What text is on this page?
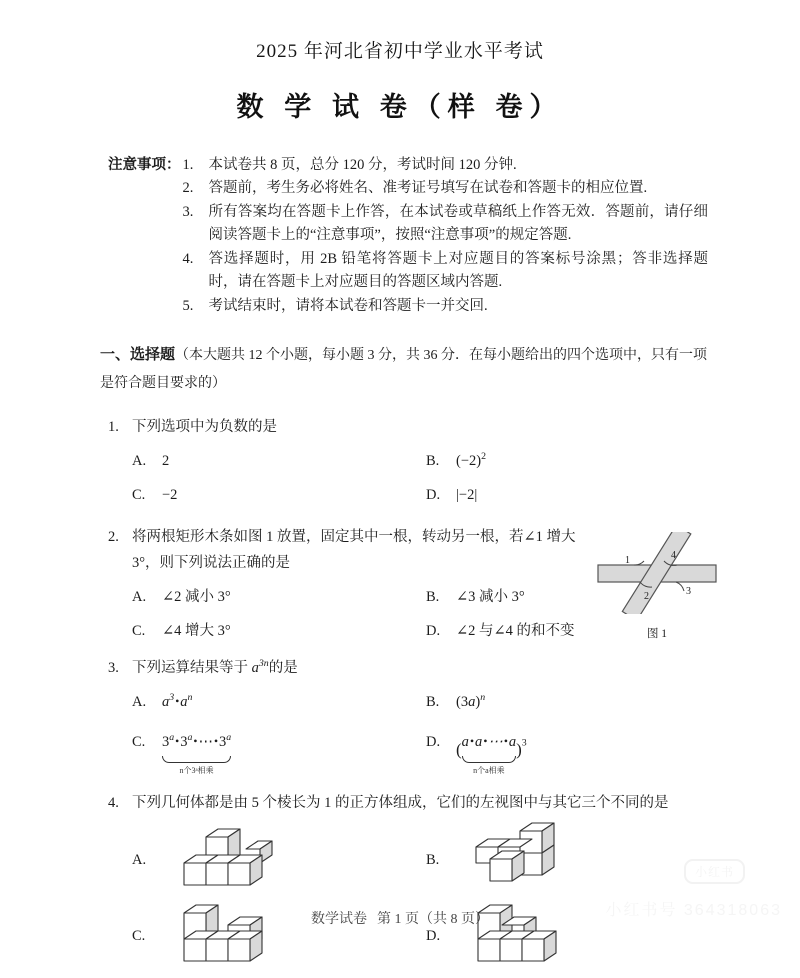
2025 年河北省初中学业水平考试
数 学 试 卷（样 卷）
注意事项： 1.	本试卷共 8 页，总分 120 分，考试时间 120 分钟.
2.	答题前，考生务必将姓名、准考证号填写在试卷和答题卡的相应位置.
3.	所有答案均在答题卡上作答，在本试卷或草稿纸上作答无效．答题前，请仔细阅读答题卡上的“注意事项”，按照“注意事项”的规定答题.
4.	答选择题时，用 2B 铅笔将答题卡上对应题目的答案标号涂黑；答非选择题时，请在答题卡上对应题目的答题区域内答题.
5.	考试结束时，请将本试卷和答题卡一并交回.
一、选择题（本大题共 12 个小题，每小题 3 分，共 36 分．在每小题给出的四个选项中，只有一项是符合题目要求的）
1. 下列选项中为负数的是
A.	2	B.	$(-2)^2$
C.	−2	D.	|−2|
2. 将两根矩形木条如图 1 放置，固定其中一根，转动另一根，若∠1 增大 3°，则下列说法正确的是	1	4
2	3
图 1
A.	∠2 减小 3°	B.	∠3 减小 3°
C.	∠4 增大 3°	D.	∠2 与∠4 的和不变
3. 下列运算结果等于 $a^{3n}$的是
A.	$a^3•a^n$	B.	$(3a)^n$
C.	3$^a$•3$^a$•⋯•3$^a$
n个3ᵃ相乘
D. ( a•a•⋯•a
n个a相乘
)$^3$
4. 下列几何体都是由 5 个棱长为 1 的正方体组成，它们的左视图中与其它三个不同的是
A.	B.
C.	D.
小红书
小红书号 364318063
数学试卷 第 1 页（共 8 页）
